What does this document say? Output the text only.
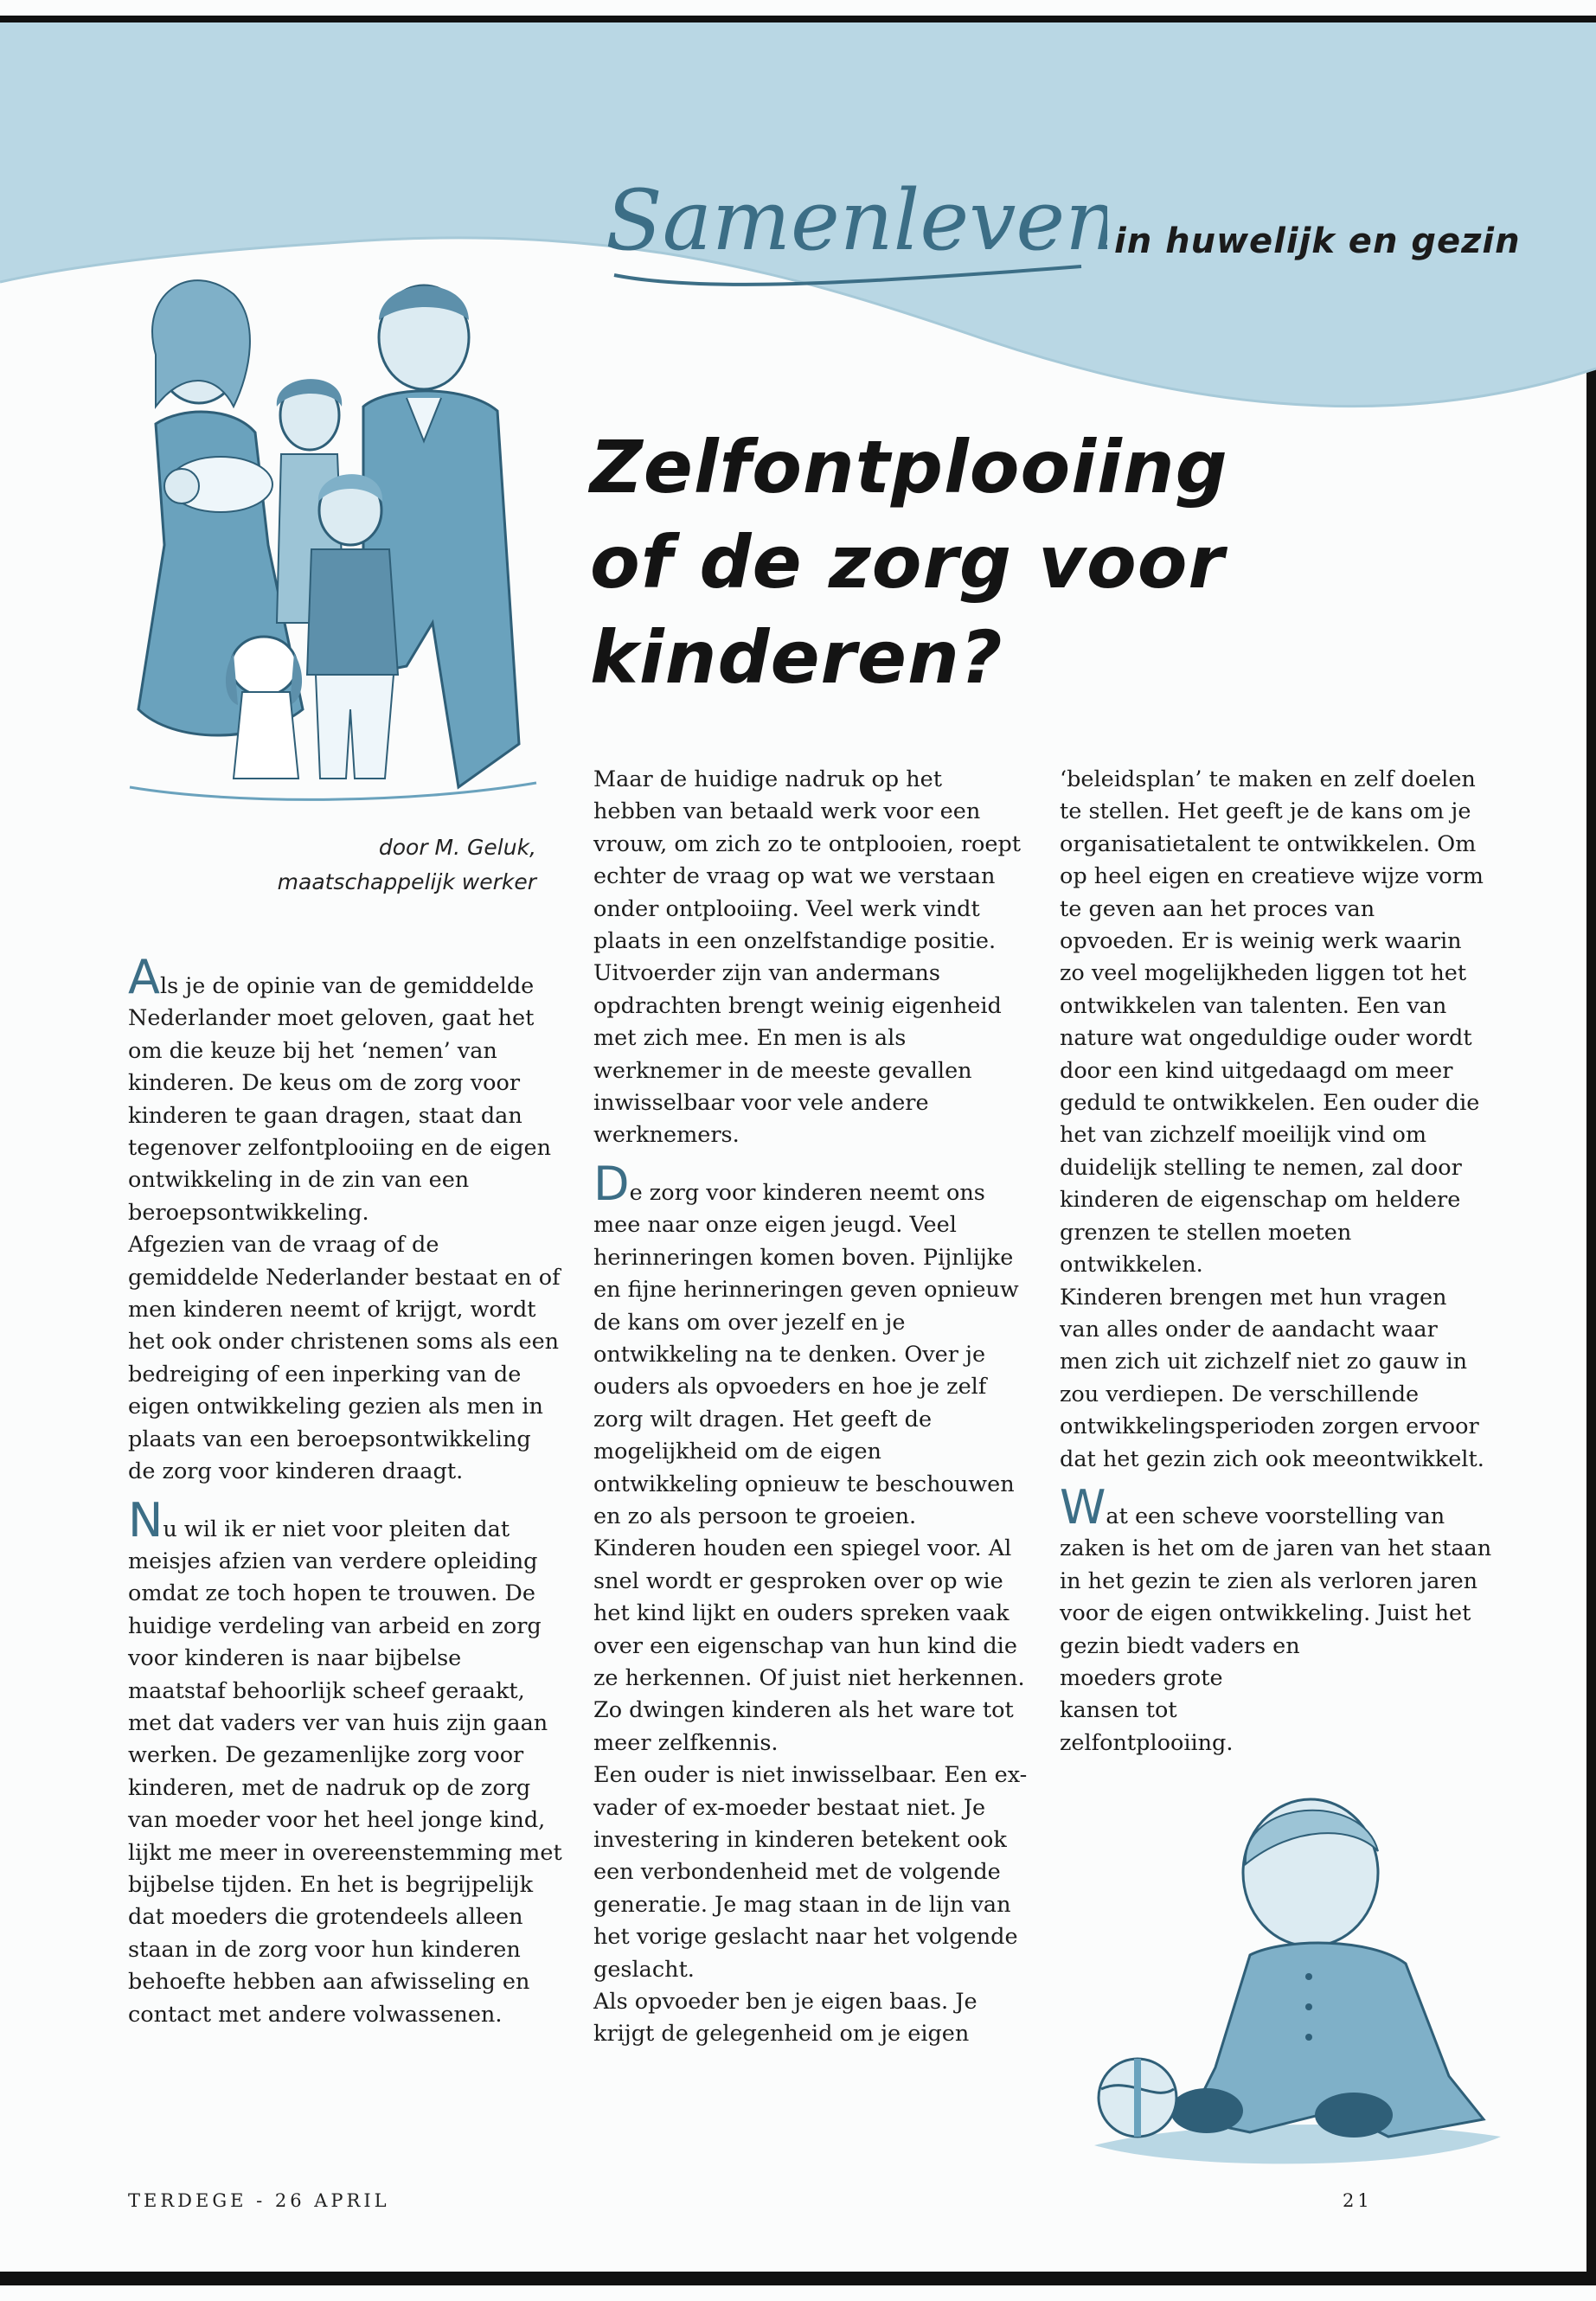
Samenleven
in huwelijk en gezin
Zelfontplooiing
of de zorg voor
kinderen?
door M. Geluk,
maatschappelijk werker

Als je de opinie van de gemiddelde Nederlander moet geloven, gaat het om die keuze bij het ‘nemen’ van kinderen. De keus om de zorg voor kinderen te gaan dragen, staat dan tegenover zelfontplooiing en de eigen ontwikkeling in de zin van een beroepsontwikkeling.

Afgezien van de vraag of de gemiddelde Nederlander bestaat en of men kinderen neemt of krijgt, wordt het ook onder christenen soms als een bedreiging of een inperking van de eigen ontwikkeling gezien als men in plaats van een beroepsontwikkeling de zorg voor kinderen draagt.

Nu wil ik er niet voor pleiten dat meisjes afzien van verdere opleiding omdat ze toch hopen te trouwen. De huidige verdeling van arbeid en zorg voor kinderen is naar bijbelse maatstaf behoorlijk scheef geraakt, met dat vaders ver van huis zijn gaan werken. De gezamenlijke zorg voor kinderen, met de nadruk op de zorg van moeder voor het heel jonge kind, lijkt me meer in overeenstemming met bijbelse tijden. En het is begrijpelijk dat moeders die grotendeels alleen staan in de zorg voor hun kinderen behoefte hebben aan afwisseling en contact met andere volwassenen.

Maar de huidige nadruk op het hebben van betaald werk voor een vrouw, om zich zo te ontplooien, roept echter de vraag op wat we verstaan onder ontplooiing. Veel werk vindt plaats in een onzelfstandige positie. Uitvoerder zijn van andermans opdrachten brengt weinig eigenheid met zich mee. En men is als werknemer in de meeste gevallen inwisselbaar voor vele andere werknemers.

De zorg voor kinderen neemt ons mee naar onze eigen jeugd. Veel herinneringen komen boven. Pijnlijke en fijne herinneringen geven opnieuw de kans om over jezelf en je ontwikkeling na te denken. Over je ouders als opvoeders en hoe je zelf zorg wilt dragen. Het geeft de mogelijkheid om de eigen ontwikkeling opnieuw te beschouwen en zo als persoon te groeien.

Kinderen houden een spiegel voor. Al snel wordt er gesproken over op wie het kind lijkt en ouders spreken vaak over een eigenschap van hun kind die ze herkennen. Of juist niet herkennen. Zo dwingen kinderen als het ware tot meer zelfkennis.

Een ouder is niet inwisselbaar. Een ex-vader of ex-moeder bestaat niet. Je investering in kinderen betekent ook een verbondenheid met de volgende generatie. Je mag staan in de lijn van het vorige geslacht naar het volgende geslacht.

Als opvoeder ben je eigen baas. Je krijgt de gelegenheid om je eigen

‘beleidsplan’ te maken en zelf doelen te stellen. Het geeft je de kans om je organisatietalent te ontwikkelen. Om op heel eigen en creatieve wijze vorm te geven aan het proces van opvoeden. Er is weinig werk waarin zo veel mogelijkheden liggen tot het ontwikkelen van talenten. Een van nature wat ongeduldige ouder wordt door een kind uitgedaagd om meer geduld te ontwikkelen. Een ouder die het van zichzelf moeilijk vind om duidelijk stelling te nemen, zal door kinderen de eigenschap om heldere grenzen te stellen moeten ontwikkelen.

Kinderen brengen met hun vragen van alles onder de aandacht waar men zich uit zichzelf niet zo gauw in zou verdiepen. De verschillende ontwikkelingsperioden zorgen ervoor dat het gezin zich ook meeontwikkelt.

Wat een scheve voorstelling van zaken is het om de jaren van het staan in het gezin te zien als verloren jaren voor de eigen ontwikkeling. Juist het gezin biedt vaders en

moeders grote kansen tot zelfontplooiing.

TERDEGE - 26 APRIL	21
